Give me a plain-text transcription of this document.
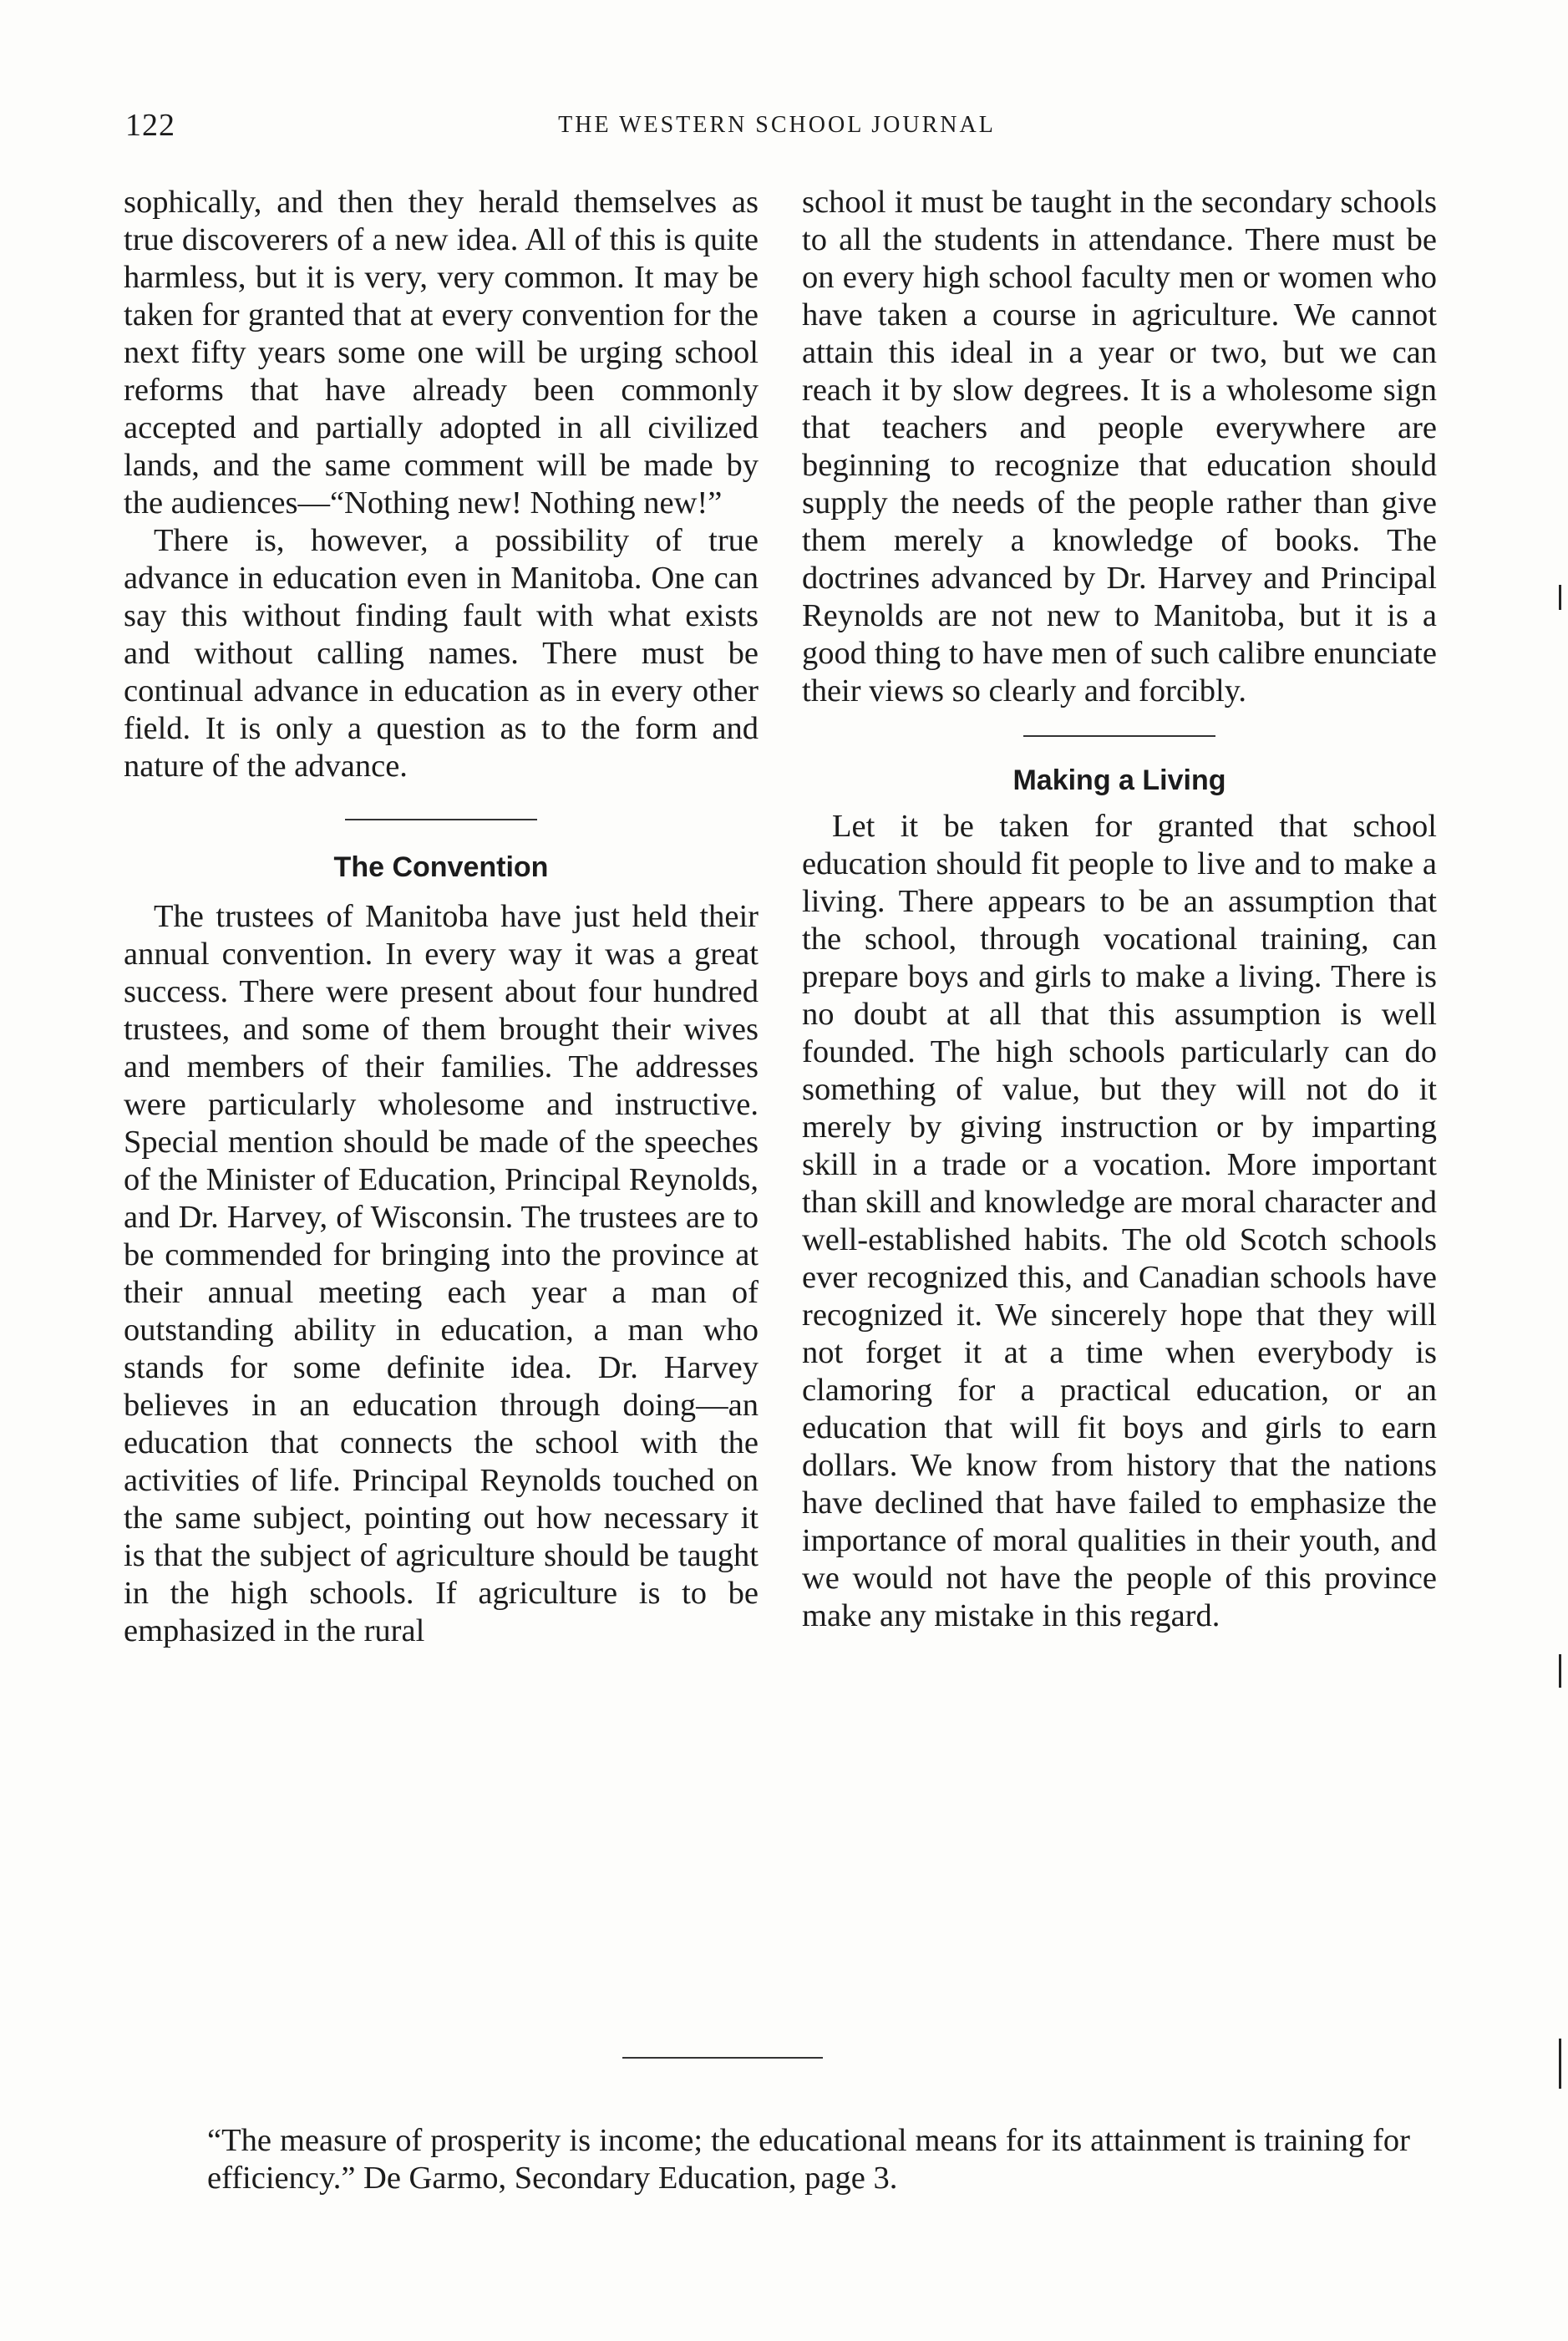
122	THE WESTERN SCHOOL JOURNAL

sophically, and then they herald themselves as true discoverers of a new idea. All of this is quite harmless, but it is very, very common. It may be taken for granted that at every convention for the next fifty years some one will be urging school reforms that have already been commonly accepted and partially adopted in all civilized lands, and the same comment will be made by the audiences—“Nothing new! Nothing new!”

There is, however, a possibility of true advance in education even in Manitoba. One can say this without finding fault with what exists and without calling names. There must be continual advance in education as in every other field. It is only a question as to the form and nature of the advance.

The Convention

The trustees of Manitoba have just held their annual convention. In every way it was a great success. There were present about four hundred trustees, and some of them brought their wives and members of their families. The addresses were particularly wholesome and instructive. Special mention should be made of the speeches of the Minister of Education, Principal Reynolds, and Dr. Harvey, of Wisconsin. The trustees are to be commended for bringing into the province at their annual meeting each year a man of outstanding ability in education, a man who stands for some definite idea. Dr. Harvey believes in an education through doing—an education that connects the school with the activities of life. Principal Reynolds touched on the same subject, pointing out how necessary it is that the subject of agriculture should be taught in the high schools. If agriculture is to be emphasized in the rural

school it must be taught in the secondary schools to all the students in attendance. There must be on every high school faculty men or women who have taken a course in agriculture. We cannot attain this ideal in a year or two, but we can reach it by slow degrees. It is a wholesome sign that teachers and people everywhere are beginning to recognize that education should supply the needs of the people rather than give them merely a knowledge of books. The doctrines advanced by Dr. Harvey and Principal Reynolds are not new to Manitoba, but it is a good thing to have men of such calibre enunciate their views so clearly and forcibly.

Making a Living

Let it be taken for granted that school education should fit people to live and to make a living. There appears to be an assumption that the school, through vocational training, can prepare boys and girls to make a living. There is no doubt at all that this assumption is well founded. The high schools particularly can do something of value, but they will not do it merely by giving instruction or by imparting skill in a trade or a vocation. More important than skill and knowledge are moral character and well-established habits. The old Scotch schools ever recognized this, and Canadian schools have recognized it. We sincerely hope that they will not forget it at a time when everybody is clamoring for a practical education, or an education that will fit boys and girls to earn dollars. We know from history that the nations have declined that have failed to emphasize the importance of moral qualities in their youth, and we would not have the people of this province make any mistake in this regard.

“The measure of prosperity is income; the educational means for its attainment is training for efficiency.” De Garmo, Secondary Education, page 3.
